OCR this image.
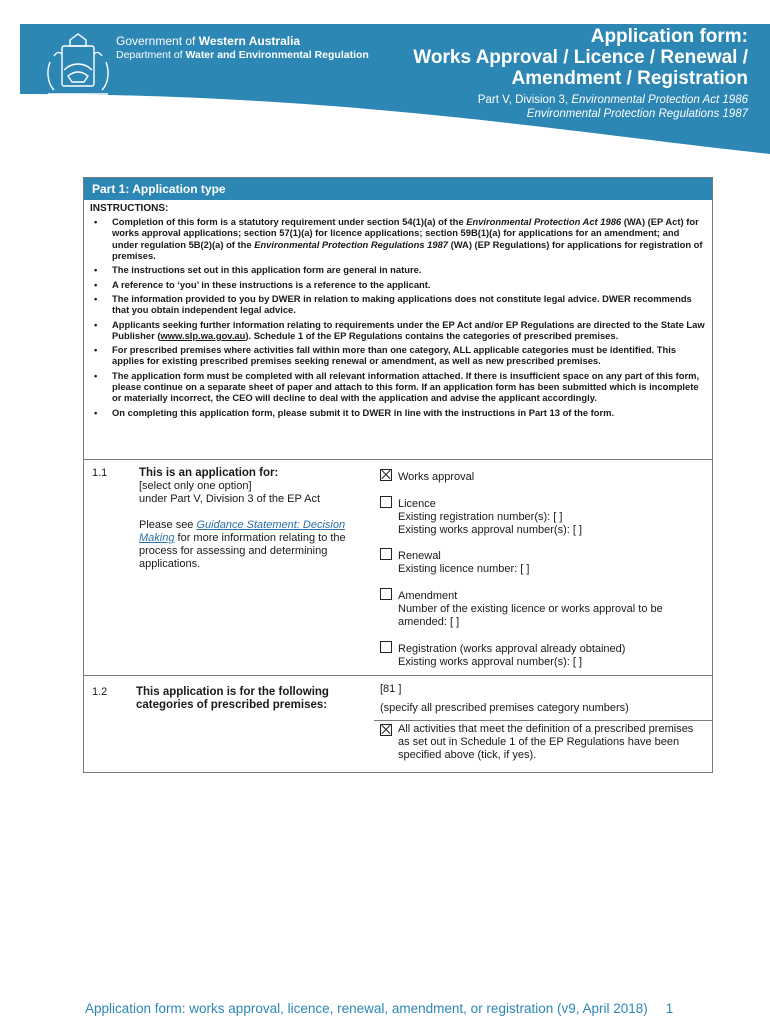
Government of Western Australia
Department of Water and Environmental Regulation
Application form:
Works Approval / Licence / Renewal /
Amendment / Registration
Part V, Division 3, Environmental Protection Act 1986
Environmental Protection Regulations 1987
Part 1: Application type
INSTRUCTIONS:
• Completion of this form is a statutory requirement under section 54(1)(a) of the Environmental Protection Act 1986 (WA) (EP Act) for works approval applications; section 57(1)(a) for licence applications; section 59B(1)(a) for applications for an amendment; and under regulation 5B(2)(a) of the Environmental Protection Regulations 1987 (WA) (EP Regulations) for applications for registration of premises.
• The instructions set out in this application form are general in nature.
• A reference to ‘you’ in these instructions is a reference to the applicant.
• The information provided to you by DWER in relation to making applications does not constitute legal advice. DWER recommends that you obtain independent legal advice.
• Applicants seeking further information relating to requirements under the EP Act and/or EP Regulations are directed to the State Law Publisher (www.slp.wa.gov.au). Schedule 1 of the EP Regulations contains the categories of prescribed premises.
• For prescribed premises where activities fall within more than one category, ALL applicable categories must be identified. This applies for existing prescribed premises seeking renewal or amendment, as well as new prescribed premises.
• The application form must be completed with all relevant information attached. If there is insufficient space on any part of this form, please continue on a separate sheet of paper and attach to this form. If an application form has been submitted which is incomplete or materially incorrect, the CEO will decline to deal with the application and advise the applicant accordingly.
• On completing this application form, please submit it to DWER in line with the instructions in Part 13 of the form.
1.1	This is an application for:
[select only one option]
under Part V, Division 3 of the EP Act
Please see Guidance Statement: Decision Making for more information relating to the process for assessing and determining applications.
Works approval
Licence
Existing registration number(s): [ ]
Existing works approval number(s): [ ]
Renewal
Existing licence number: [ ]
Amendment
Number of the existing licence or works approval to be amended: [ ]
Registration (works approval already obtained)
Existing works approval number(s): [ ]
1.2 This application is for the following categories of prescribed premises:
[81 ]
(specify all prescribed premises category numbers)
All activities that meet the definition of a prescribed premises as set out in Schedule 1 of the EP Regulations have been specified above (tick, if yes).
Application form: works approval, licence, renewal, amendment, or registration (v9, April 2018) 1
